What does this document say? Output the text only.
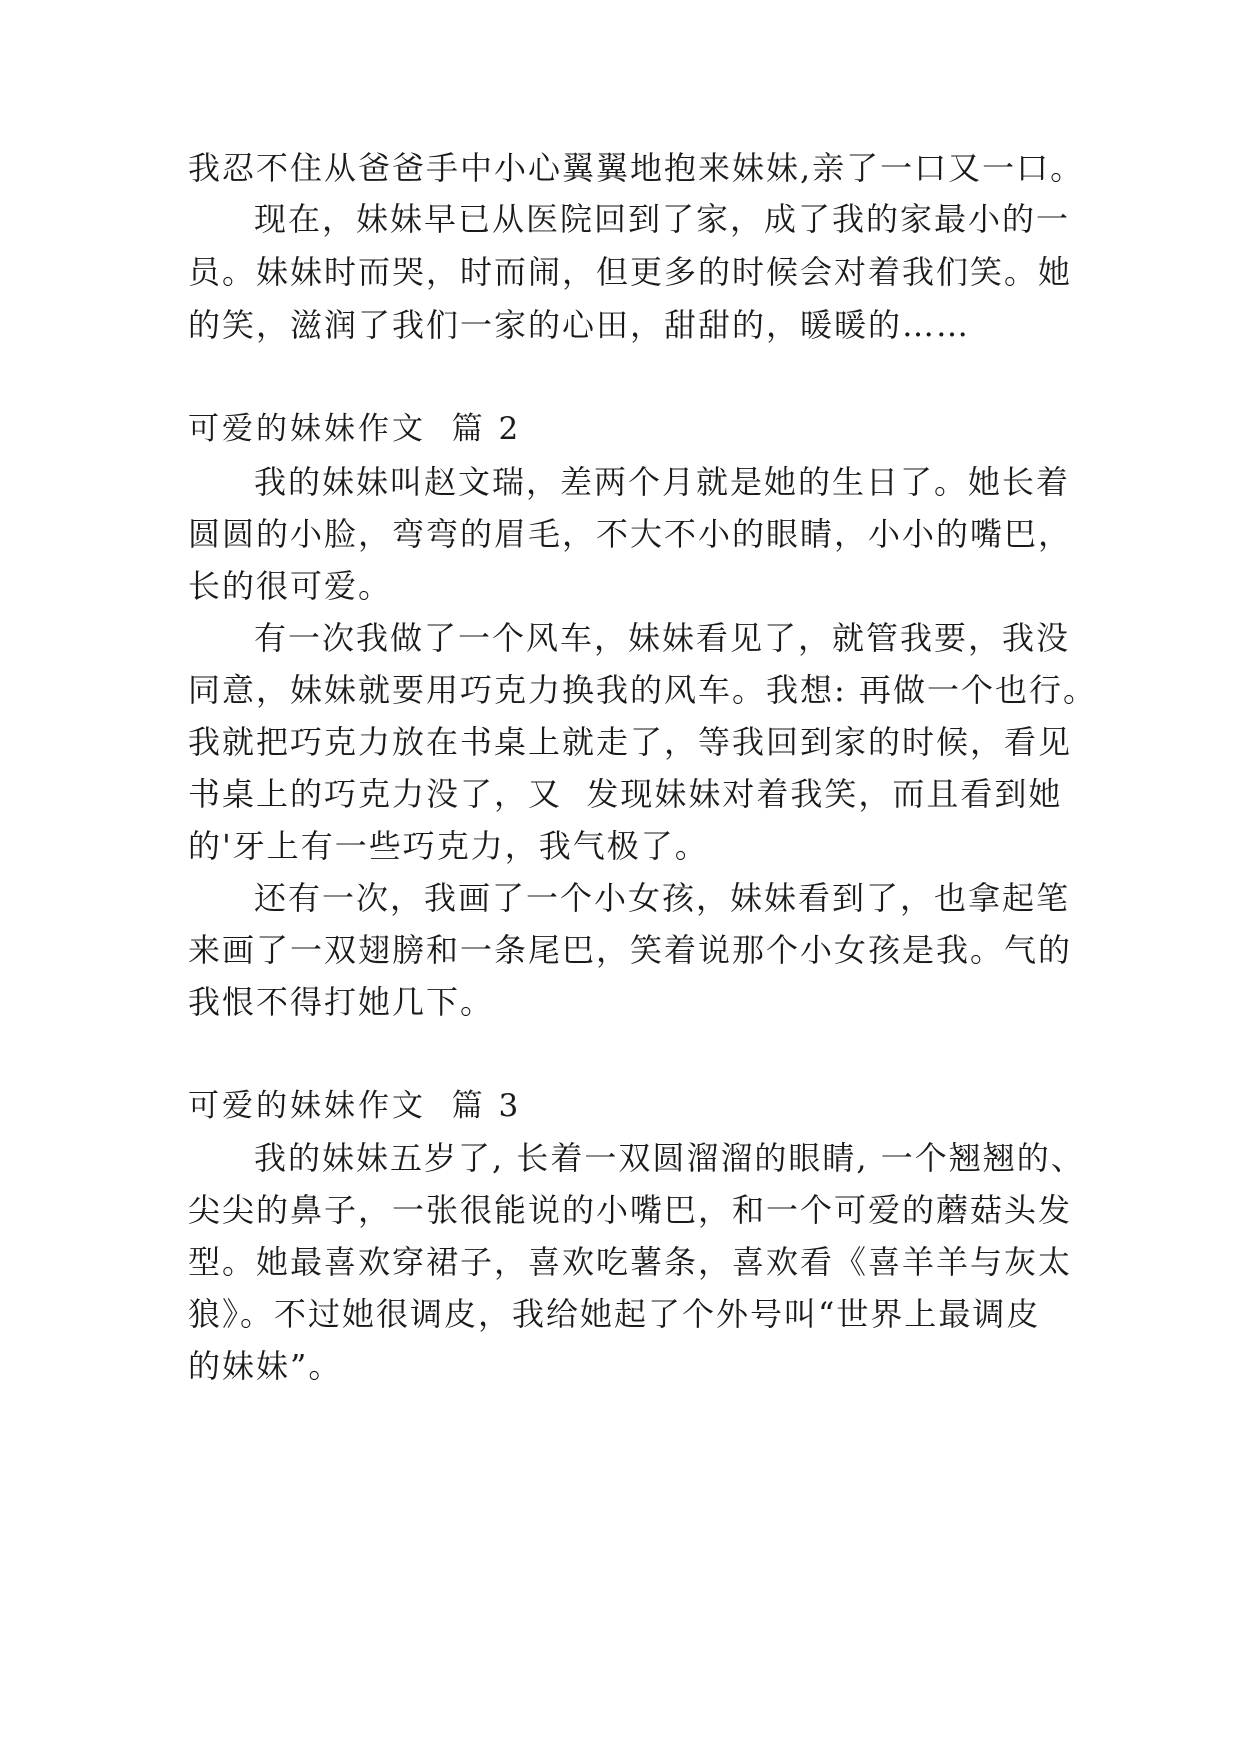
我忍不住从爸爸手中小心翼翼地抱来妹妹,亲了一口又一口。
现在，妹妹早已从医院回到了家，成了我的家最小的一
员。妹妹时而哭，时而闹，但更多的时候会对着我们笑。她
的笑，滋润了我们一家的心田，甜甜的，暖暖的……
可爱的妹妹作文  篇 2
我的妹妹叫赵文瑞，差两个月就是她的生日了。她长着
圆圆的小脸，弯弯的眉毛，不大不小的眼睛，小小的嘴巴，
长的很可爱。
有一次我做了一个风车，妹妹看见了，就管我要，我没
同意，妹妹就要用巧克力换我的风车。我想: 再做一个也行。
我就把巧克力放在书桌上就走了，等我回到家的时候，看见
书桌上的巧克力没了，又  发现妹妹对着我笑，而且看到她
的'牙上有一些巧克力，我气极了。
还有一次，我画了一个小女孩，妹妹看到了，也拿起笔
来画了一双翅膀和一条尾巴，笑着说那个小女孩是我。气的
我恨不得打她几下。
可爱的妹妹作文  篇 3
我的妹妹五岁了, 长着一双圆溜溜的眼睛, 一个翘翘的、
尖尖的鼻子，一张很能说的小嘴巴，和一个可爱的蘑菇头发
型。她最喜欢穿裙子，喜欢吃薯条，喜欢看《喜羊羊与灰太
狼》。不过她很调皮，我给她起了个外号叫“世界上最调皮
的妹妹”。
